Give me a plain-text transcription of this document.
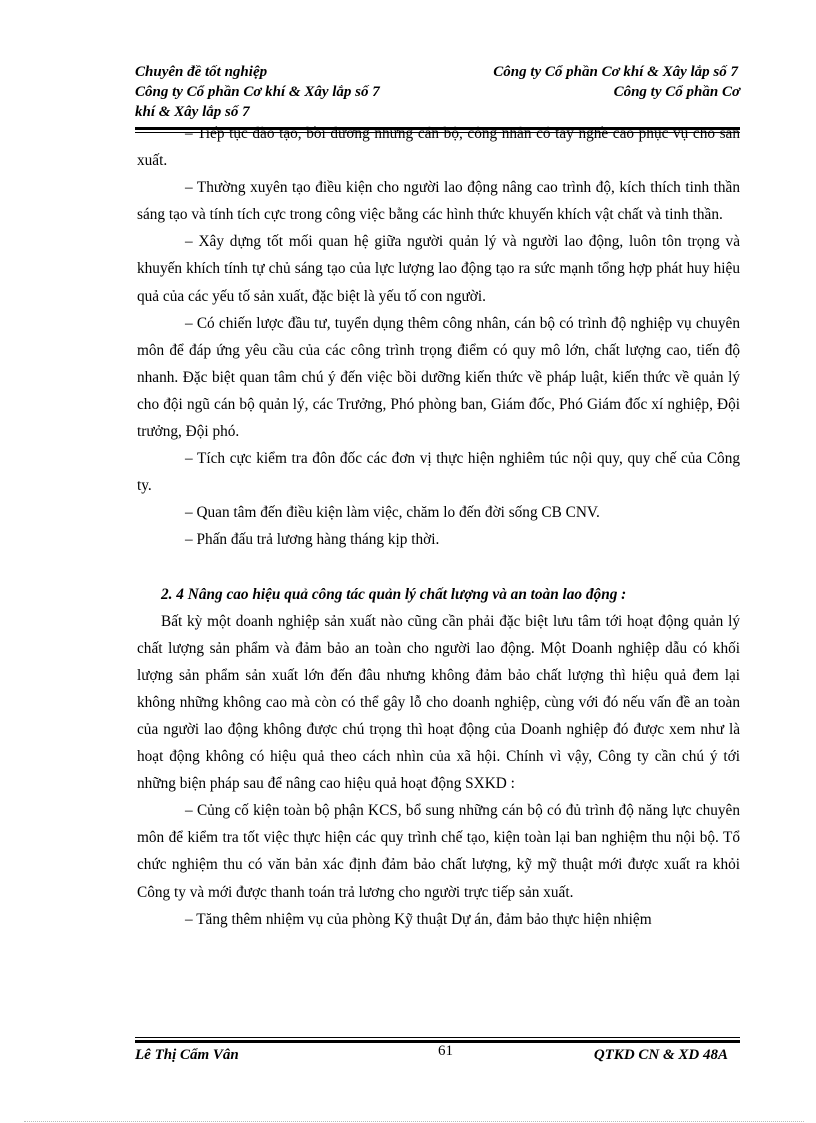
Chuyên đề tốt nghiệp	Công ty Cổ phần Cơ khí & Xây lắp số 7
Công ty Cổ phần Cơ khí & Xây lắp số 7	Công ty Cổ phần Cơ
khí & Xây lắp số 7

– Tiếp tục đào tạo, bồi dưỡng những cán bộ, công nhân có tay nghề cao phục vụ cho sản xuất.

– Thường xuyên tạo điều kiện cho người lao động nâng cao trình độ, kích thích tinh thần sáng tạo và tính tích cực trong công việc bằng các hình thức khuyến khích vật chất và tinh thần.

– Xây dựng tốt mối quan hệ giữa người quản lý và người lao động, luôn tôn trọng và khuyến khích tính tự chủ sáng tạo của lực lượng lao động tạo ra sức mạnh tổng hợp phát huy hiệu quả của các yếu tố sản xuất, đặc biệt là yếu tố con người.

– Có chiến lược đầu tư, tuyển dụng thêm công nhân, cán bộ có trình độ nghiệp vụ chuyên môn để đáp ứng yêu cầu của các công trình trọng điểm có quy mô lớn, chất lượng cao, tiến độ nhanh. Đặc biệt quan tâm chú ý đến việc bồi dưỡng kiến thức về pháp luật, kiến thức về quản lý cho đội ngũ cán bộ quản lý, các Trưởng, Phó phòng ban, Giám đốc, Phó Giám đốc xí nghiệp, Đội trưởng, Đội phó.

– Tích cực kiểm tra đôn đốc các đơn vị thực hiện nghiêm túc nội quy, quy chế của Công ty.

– Quan tâm đến điều kiện làm việc, chăm lo đến đời sống CB CNV.

– Phấn đấu trả lương hàng tháng kịp thời.

2. 4 Nâng cao hiệu quả công tác quản lý chất lượng và an toàn lao động :

Bất kỳ một doanh nghiệp sản xuất nào cũng cần phải đặc biệt lưu tâm tới hoạt động quản lý chất lượng sản phẩm và đảm bảo an toàn cho người lao động. Một Doanh nghiệp dẫu có khối lượng sản phẩm sản xuất lớn đến đâu nhưng không đảm bảo chất lượng thì hiệu quả đem lại không những không cao mà còn có thể gây lỗ cho doanh nghiệp, cùng với đó nếu vấn đề an toàn của người lao động không được chú trọng thì hoạt động của Doanh nghiệp đó được xem như là hoạt động không có hiệu quả theo cách nhìn của xã hội. Chính vì vậy, Công ty cần chú ý tới những biện pháp sau để nâng cao hiệu quả hoạt động SXKD :

– Củng cố kiện toàn bộ phận KCS, bổ sung những cán bộ có đủ trình độ năng lực chuyên môn để kiểm tra tốt việc thực hiện các quy trình chế tạo, kiện toàn lại ban nghiệm thu nội bộ. Tổ chức nghiệm thu có văn bản xác định đảm bảo chất lượng, kỹ mỹ thuật mới được xuất ra khỏi Công ty và mới được thanh toán trả lương cho người trực tiếp sản xuất.

– Tăng thêm nhiệm vụ của phòng Kỹ thuật Dự án, đảm bảo thực hiện nhiệm

Lê Thị Cẩm Vân	61	QTKD CN & XD 48A
